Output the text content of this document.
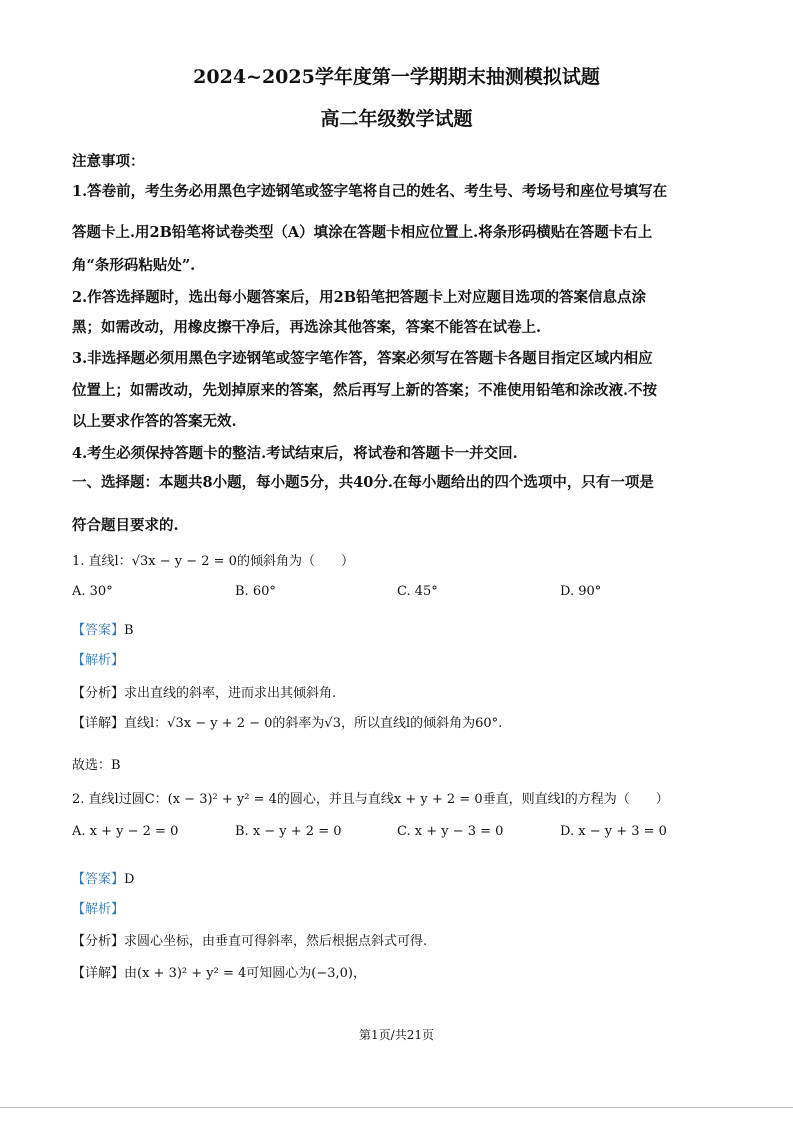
2024~2025学年度第一学期期末抽测模拟试题
高二年级数学试题
注意事项：
1.答卷前，考生务必用黑色字迹钢笔或签字笔将自己的姓名、考生号、考场号和座位号填写在
答题卡上.用2B铅笔将试卷类型（A）填涂在答题卡相应位置上.将条形码横贴在答题卡右上
角“条形码粘贴处”.
2.作答选择题时，选出每小题答案后，用2B铅笔把答题卡上对应题目选项的答案信息点涂
黑；如需改动，用橡皮擦干净后，再选涂其他答案，答案不能答在试卷上.
3.非选择题必须用黑色字迹钢笔或签字笔作答，答案必须写在答题卡各题目指定区域内相应
位置上；如需改动，先划掉原来的答案，然后再写上新的答案；不准使用铅笔和涂改液.不按
以上要求作答的答案无效.
4.考生必须保持答题卡的整洁.考试结束后，将试卷和答题卡一并交回.
一、选择题：本题共8小题，每小题5分，共40分.在每小题给出的四个选项中，只有一项是
符合题目要求的.
1. 直线l：√3x − y − 2 = 0的倾斜角为（　　）
A. 30°	B. 60°	C. 45°	D. 90°
【答案】B
【解析】
【分析】求出直线的斜率，进而求出其倾斜角.
【详解】直线l：√3x − y + 2 − 0的斜率为√3，所以直线l的倾斜角为60°.
故选：B
2. 直线l过圆C：(x − 3)² + y² = 4的圆心，并且与直线x + y + 2 = 0垂直，则直线l的方程为（　　）
A. x + y − 2 = 0	B. x − y + 2 = 0	C. x + y − 3 = 0	D. x − y + 3 = 0
【答案】D
【解析】
【分析】求圆心坐标，由垂直可得斜率，然后根据点斜式可得.
【详解】由(x + 3)² + y² = 4可知圆心为(−3,0)，
第1页/共21页
